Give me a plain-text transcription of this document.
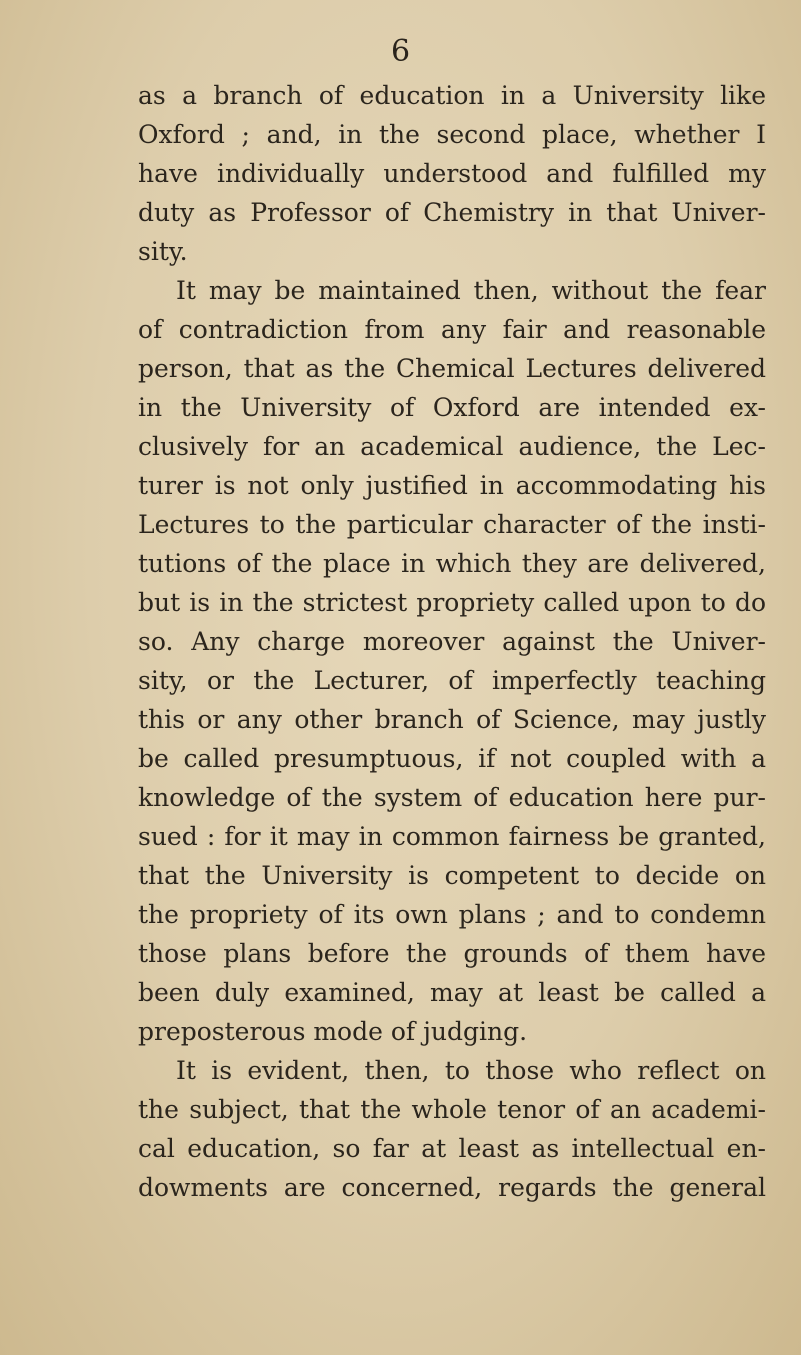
6
as a branch of education in a University like
Oxford ; and, in the second place, whether I
have individually understood and fulfilled my
duty as Professor of Chemistry in that Univer-
sity.
It may be maintained then, without the fear
of contradiction from any fair and reasonable
person, that as the Chemical Lectures delivered
in the University of Oxford are intended ex-
clusively for an academical audience, the Lec-
turer is not only justified in accommodating his
Lectures to the particular character of the insti-
tutions of the place in which they are delivered,
but is in the strictest propriety called upon to do
so. Any charge moreover against the Univer-
sity, or the Lecturer, of imperfectly teaching
this or any other branch of Science, may justly
be called presumptuous, if not coupled with a
knowledge of the system of education here pur-
sued : for it may in common fairness be granted,
that the University is competent to decide on
the propriety of its own plans ; and to condemn
those plans before the grounds of them have
been duly examined, may at least be called a
preposterous mode of judging.
It is evident, then, to those who reflect on
the subject, that the whole tenor of an academi-
cal education, so far at least as intellectual en-
dowments are concerned, regards the general
